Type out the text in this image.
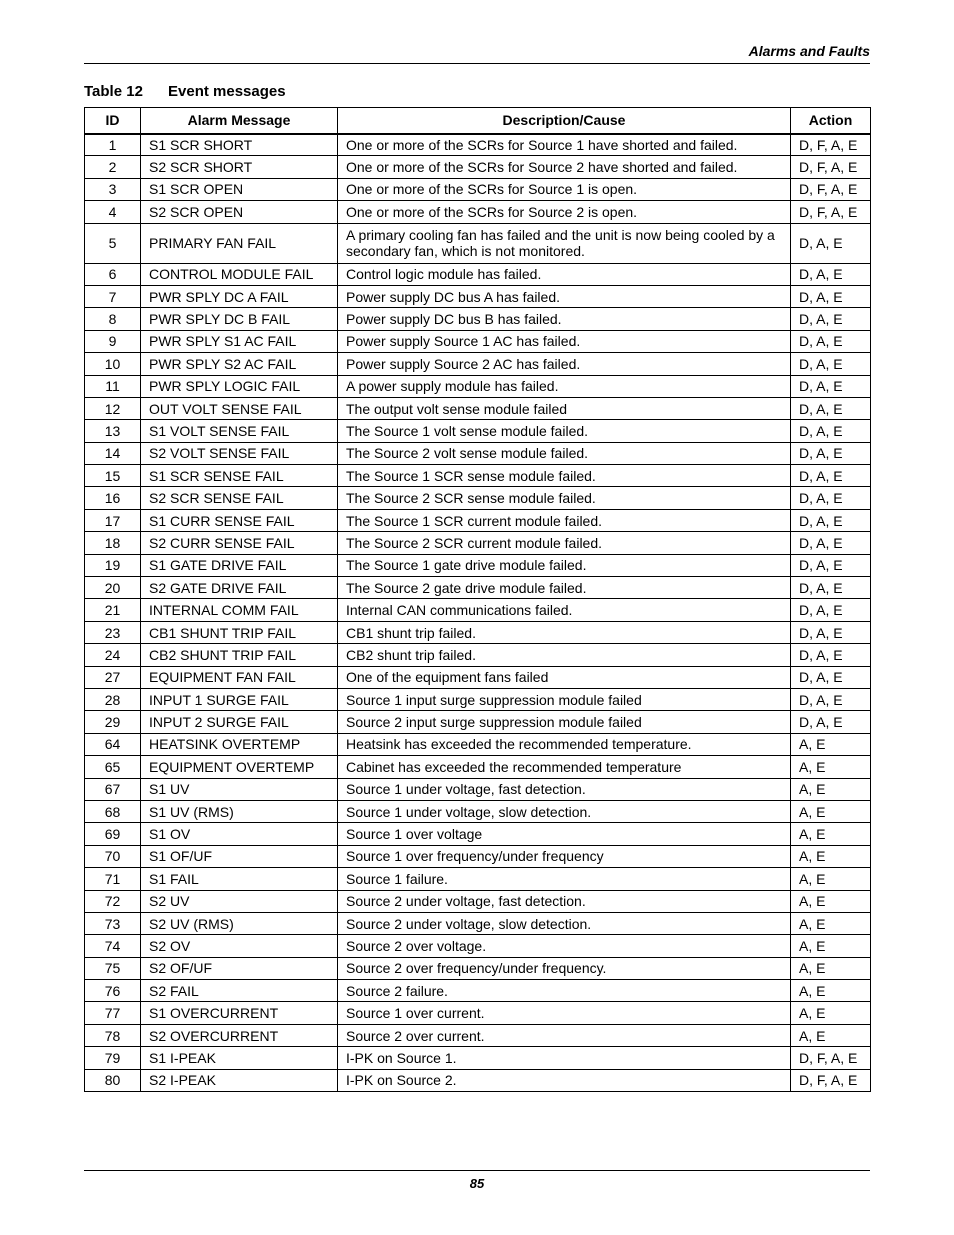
Alarms and Faults
Table 12 Event messages
ID	Alarm Message	Description/Cause	Action
1	S1 SCR SHORT	One or more of the SCRs for Source 1 have shorted and failed.	D, F, A, E
2	S2 SCR SHORT	One or more of the SCRs for Source 2 have shorted and failed.	D, F, A, E
3	S1 SCR OPEN	One or more of the SCRs for Source 1 is open.	D, F, A, E
4	S2 SCR OPEN	One or more of the SCRs for Source 2 is open.	D, F, A, E
5	PRIMARY FAN FAIL	A primary cooling fan has failed and the unit is now being cooled by a secondary fan, which is not monitored.	D, A, E
6	CONTROL MODULE FAIL	Control logic module has failed.	D, A, E
7	PWR SPLY DC A FAIL	Power supply DC bus A has failed.	D, A, E
8	PWR SPLY DC B FAIL	Power supply DC bus B has failed.	D, A, E
9	PWR SPLY S1 AC FAIL	Power supply Source 1 AC has failed.	D, A, E
10	PWR SPLY S2 AC FAIL	Power supply Source 2 AC has failed.	D, A, E
11	PWR SPLY LOGIC FAIL	A power supply module has failed.	D, A, E
12	OUT VOLT SENSE FAIL	The output volt sense module failed	D, A, E
13	S1 VOLT SENSE FAIL	The Source 1 volt sense module failed.	D, A, E
14	S2 VOLT SENSE FAIL	The Source 2 volt sense module failed.	D, A, E
15	S1 SCR SENSE FAIL	The Source 1 SCR sense module failed.	D, A, E
16	S2 SCR SENSE FAIL	The Source 2 SCR sense module failed.	D, A, E
17	S1 CURR SENSE FAIL	The Source 1 SCR current module failed.	D, A, E
18	S2 CURR SENSE FAIL	The Source 2 SCR current module failed.	D, A, E
19	S1 GATE DRIVE FAIL	The Source 1 gate drive module failed.	D, A, E
20	S2 GATE DRIVE FAIL	The Source 2 gate drive module failed.	D, A, E
21	INTERNAL COMM FAIL	Internal CAN communications failed.	D, A, E
23	CB1 SHUNT TRIP FAIL	CB1 shunt trip failed.	D, A, E
24	CB2 SHUNT TRIP FAIL	CB2 shunt trip failed.	D, A, E
27	EQUIPMENT FAN FAIL	One of the equipment fans failed	D, A, E
28	INPUT 1 SURGE FAIL	Source 1 input surge suppression module failed	D, A, E
29	INPUT 2 SURGE FAIL	Source 2 input surge suppression module failed	D, A, E
64	HEATSINK OVERTEMP	Heatsink has exceeded the recommended temperature.	A, E
65	EQUIPMENT OVERTEMP	Cabinet has exceeded the recommended temperature	A, E
67	S1 UV	Source 1 under voltage, fast detection.	A, E
68	S1 UV (RMS)	Source 1 under voltage, slow detection.	A, E
69	S1 OV	Source 1 over voltage	A, E
70	S1 OF/UF	Source 1 over frequency/under frequency	A, E
71	S1 FAIL	Source 1 failure.	A, E
72	S2 UV	Source 2 under voltage, fast detection.	A, E
73	S2 UV (RMS)	Source 2 under voltage, slow detection.	A, E
74	S2 OV	Source 2 over voltage.	A, E
75	S2 OF/UF	Source 2 over frequency/under frequency.	A, E
76	S2 FAIL	Source 2 failure.	A, E
77	S1 OVERCURRENT	Source 1 over current.	A, E
78	S2 OVERCURRENT	Source 2 over current.	A, E
79	S1 I-PEAK	I-PK on Source 1.	D, F, A, E
80	S2 I-PEAK	I-PK on Source 2.	D, F, A, E
85
